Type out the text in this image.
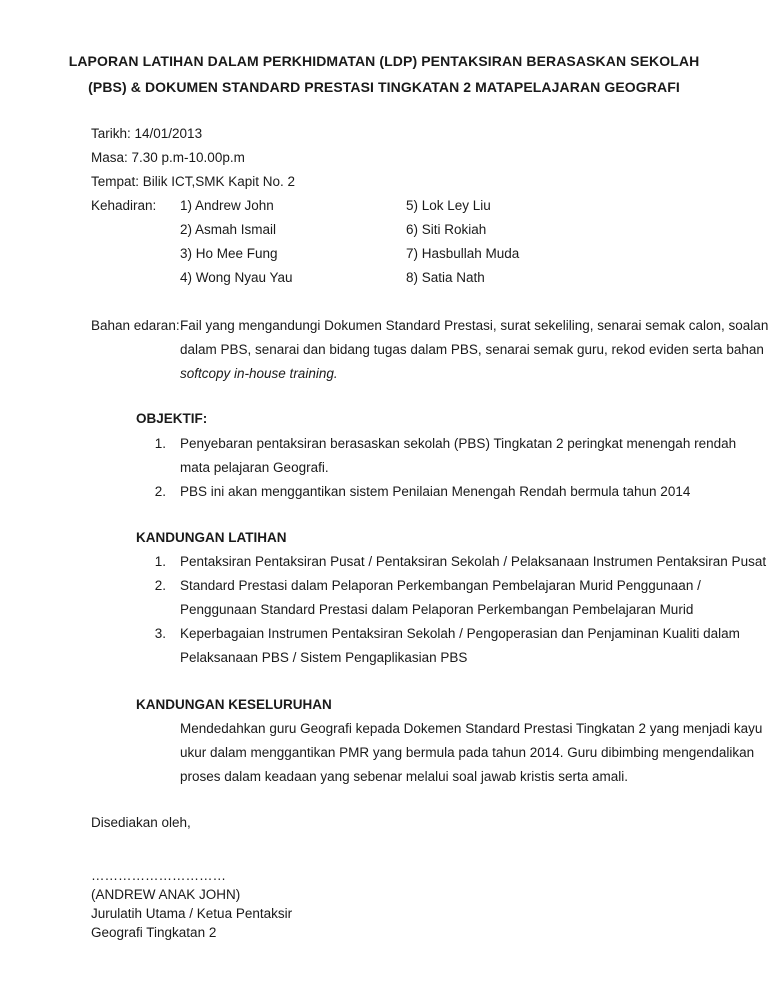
LAPORAN LATIHAN DALAM PERKHIDMATAN (LDP) PENTAKSIRAN BERASASKAN SEKOLAH
(PBS) & DOKUMEN STANDARD PRESTASI TINGKATAN 2 MATAPELAJARAN GEOGRAFI
Tarikh: 14/01/2013
Masa: 7.30 p.m-10.00p.m
Tempat: Bilik ICT,SMK Kapit No. 2
Kehadiran: 1) Andrew John
2) Asmah Ismail
3) Ho Mee Fung
4) Wong Nyau Yau
5) Lok Ley Liu
6) Siti Rokiah
7) Hasbullah Muda
8) Satia Nath
Bahan edaran: Fail yang mengandungi Dokumen Standard Prestasi, surat sekeliling, senarai semak calon, soalan
dalam PBS, senarai dan bidang tugas dalam PBS, senarai semak guru, rekod eviden serta bahan
softcopy in-house training.
OBJEKTIF:
1. Penyebaran pentaksiran berasaskan sekolah (PBS) Tingkatan 2 peringkat menengah rendah
mata pelajaran Geografi.
2. PBS ini akan menggantikan sistem Penilaian Menengah Rendah bermula tahun 2014
KANDUNGAN LATIHAN
1. Pentaksiran Pentaksiran Pusat / Pentaksiran Sekolah / Pelaksanaan Instrumen Pentaksiran Pusat
2. Standard Prestasi dalam Pelaporan Perkembangan Pembelajaran Murid Penggunaan /
Penggunaan Standard Prestasi dalam Pelaporan Perkembangan Pembelajaran Murid
3. Keperbagaian Instrumen Pentaksiran Sekolah / Pengoperasian dan Penjaminan Kualiti dalam
Pelaksanaan PBS / Sistem Pengaplikasian PBS
KANDUNGAN KESELURUHAN
Mendedahkan guru Geografi kepada Dokemen Standard Prestasi Tingkatan 2 yang menjadi kayu
ukur dalam menggantikan PMR yang bermula pada tahun 2014. Guru dibimbing mengendalikan
proses dalam keadaan yang sebenar melalui soal jawab kristis serta amali.
Disediakan oleh,
…………………………
(ANDREW ANAK JOHN)
Jurulatih Utama / Ketua Pentaksir
Geografi Tingkatan 2
